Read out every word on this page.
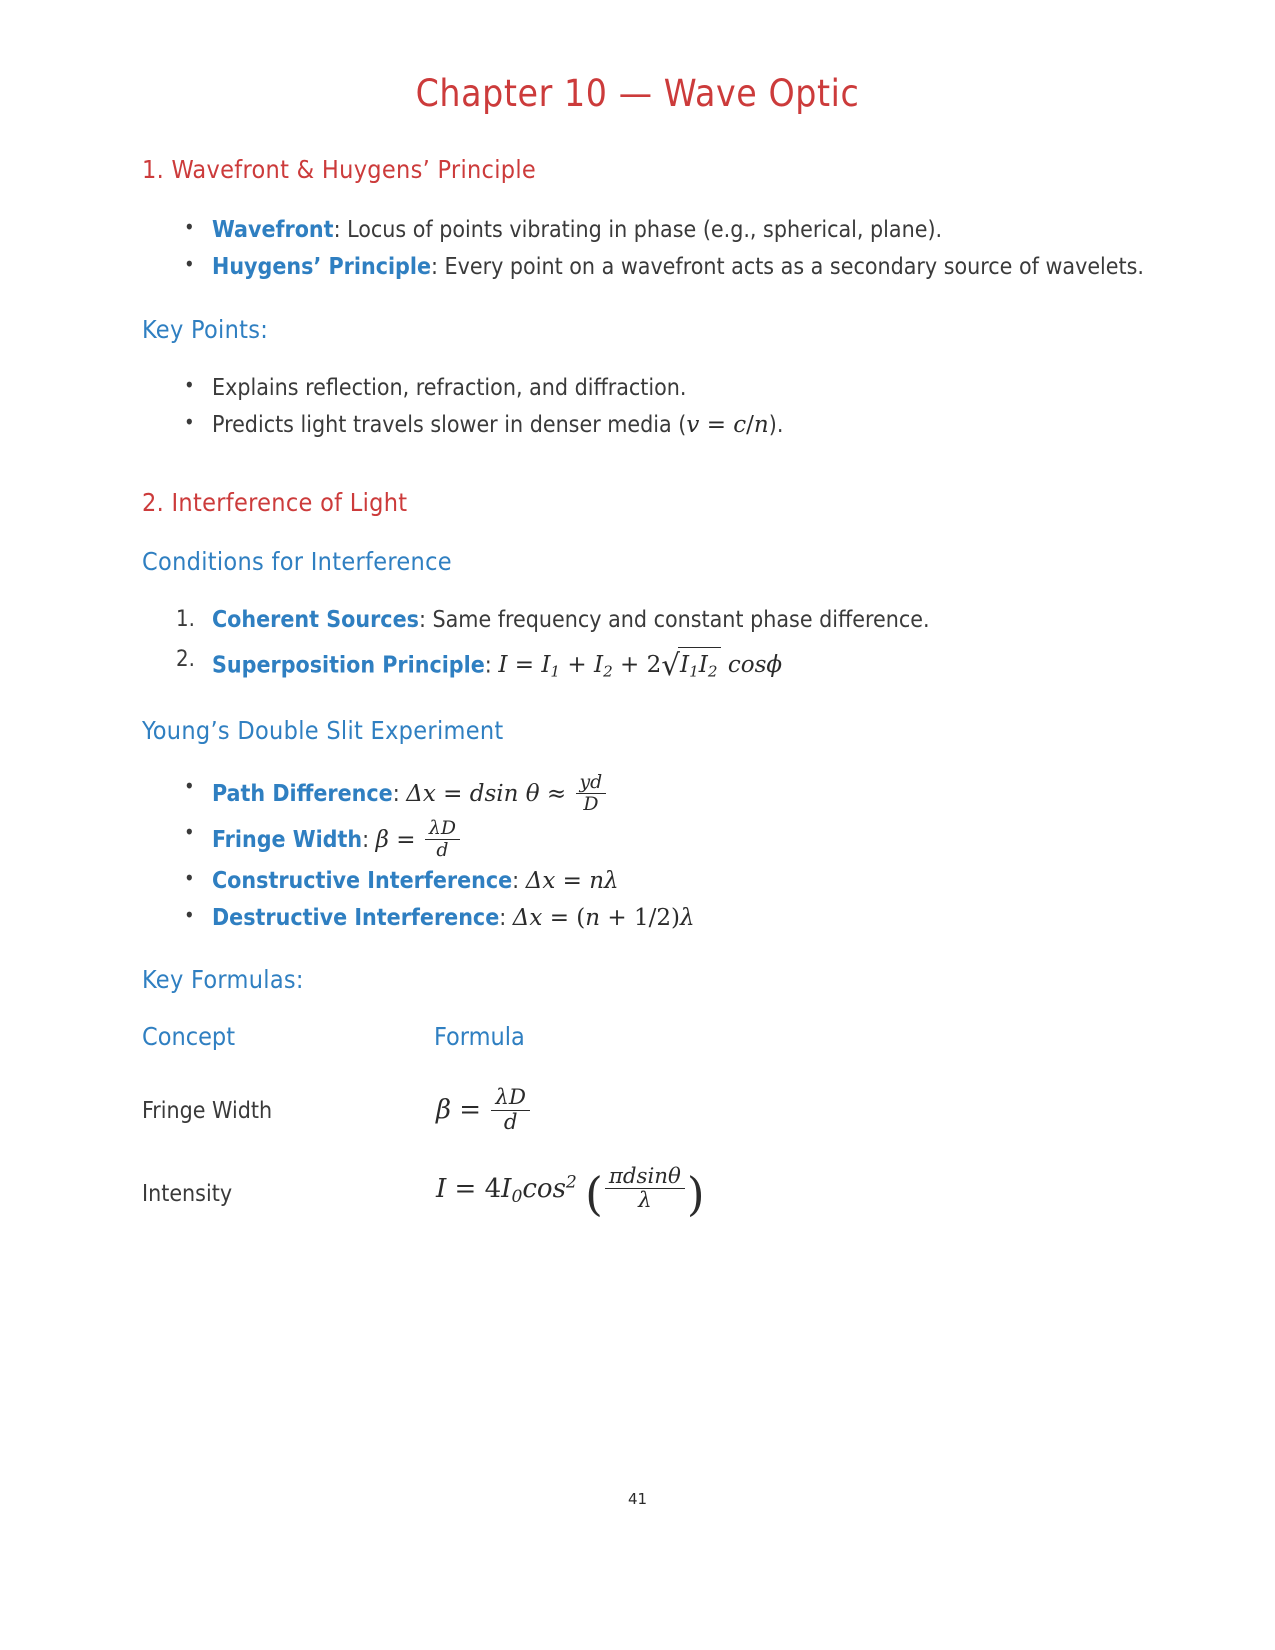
Chapter 10 — Wave Optic
1. Wavefront & Huygens’ Principle
• Wavefront: Locus of points vibrating in phase (e.g., spherical, plane).
• Huygens’ Principle: Every point on a wavefront acts as a secondary source of wavelets.
Key Points:
• Explains reflection, refraction, and diffraction.
• Predicts light travels slower in denser media (v = c/n).
2. Interference of Light
Conditions for Interference
Coherent Sources: Same frequency and constant phase difference.
Superposition Principle: $I = I_1 + I_2 + 2√I_1I_2$ cosϕ
Young’s Double Slit Experiment
• Path Difference: Δx = dsin $\theta \approx \frac{yd}{D}$
• Fringe Width: $\beta = \frac{\lambda D}{d}$
• Constructive Interference: Δx = nλ
• Destructive Interference: Δx = (n + 1/2)λ
Key Formulas:
Concept	Formula
Fringe Width	$\beta = \frac{\lambda D}{d}$

Intensity	$I = 4I_0\cos^2$ ( $\frac{\pi dsin\theta}{\lambda}$ )
41
